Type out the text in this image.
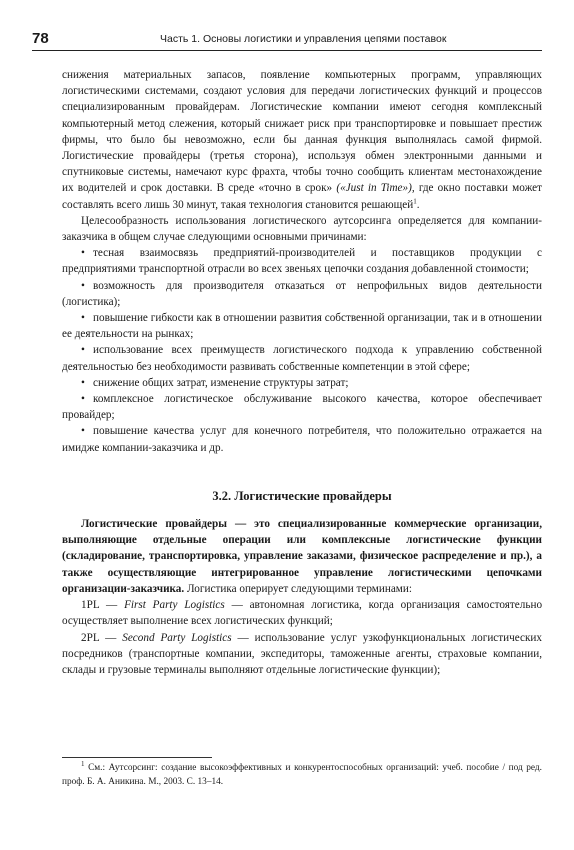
78	Часть 1. Основы логистики и управления цепями поставок

снижения материальных запасов, появление компьютерных программ, управляющих логистическими системами, создают условия для передачи логистических функций и процессов специализированным провайдерам. Логистические компании имеют сегодня комплексный компьютерный метод слежения, который снижает риск при транспортировке и повышает престиж фирмы, что было бы невозможно, если бы данная функция выполнялась самой фирмой. Логистические провайдеры (третья сторона), используя обмен электронными данными и спутниковые системы, намечают курс фрахта, чтобы точно сообщить клиентам местонахождение их водителей и срок доставки. В среде «точно в срок» («Just in Time»), где окно поставки может составлять всего лишь 30 минут, такая технология становится решающей$^1$.

Целесообразность использования логистического аутсорсинга определяется для компании-заказчика в общем случае следующими основными причинами:

• тесная взаимосвязь предприятий-производителей и поставщиков продукции с предприятиями транспортной отрасли во всех звеньях цепочки создания добавленной стоимости;

• возможность для производителя отказаться от непрофильных видов деятельности (логистика);

• повышение гибкости как в отношении развития собственной организации, так и в отношении ее деятельности на рынках;

• использование всех преимуществ логистического подхода к управлению собственной деятельностью без необходимости развивать собственные компетенции в этой сфере;

• снижение общих затрат, изменение структуры затрат;

• комплексное логистическое обслуживание высокого качества, которое обеспечивает провайдер;

• повышение качества услуг для конечного потребителя, что положительно отражается на имидже компании-заказчика и др.

3.2. Логистические провайдеры

Логистические провайдеры — это специализированные коммерческие организации, выполняющие отдельные операции или комплексные логистические функции (складирование, транспортировка, управление заказами, физическое распределение и пр.), а также осуществляющие интегрированное управление логистическими цепочками организации-заказчика. Логистика оперирует следующими терминами:

1PL — First Party Logistics — автономная логистика, когда организация самостоятельно осуществляет выполнение всех логистических функций;

2PL — Second Party Logistics — использование услуг узкофункциональных логистических посредников (транспортные компании, экспедиторы, таможенные агенты, страховые компании, склады и грузовые терминалы выполняют отдельные логистические функции);

$^1$ См.: Аутсорсинг: создание высокоэффективных и конкурентоспособных организаций: учеб. пособие / под ред. проф. Б. А. Аникина. М., 2003. С. 13–14.
